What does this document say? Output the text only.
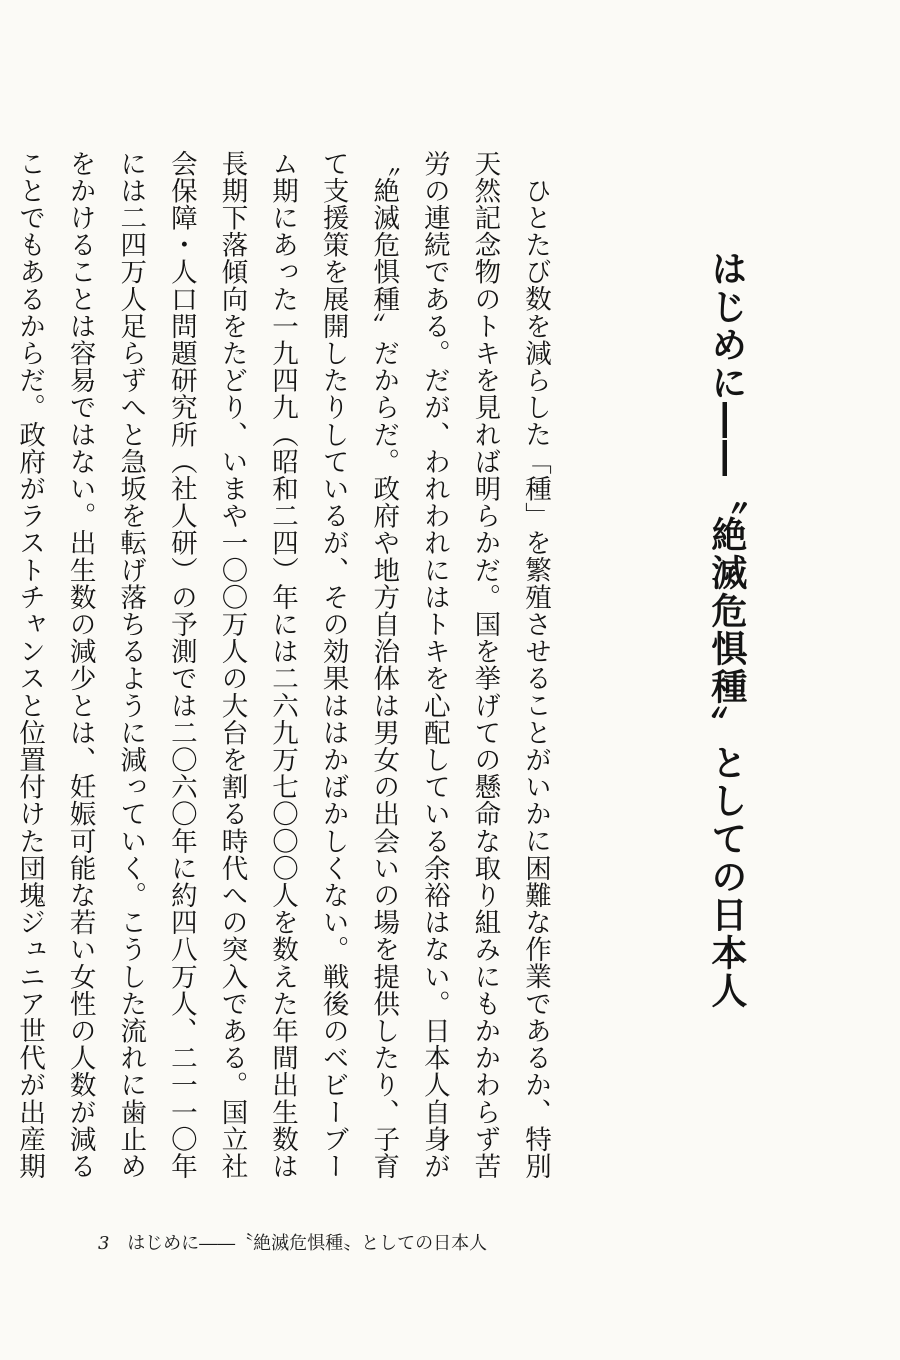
はじめに――〝絶滅危惧種〟としての日本人

ひとたび数を減らした「種」を繁殖させることがいかに困難な作業であるか、特別天然記念物のトキを見れば明らかだ。国を挙げての懸命な取り組みにもかかわらず苦労の連続である。だが、われわれにはトキを心配している余裕はない。日本人自身が〝絶滅危惧種〟だからだ。政府や地方自治体は男女の出会いの場を提供したり、子育て支援策を展開したりしているが、その効果ははかばかしくない。戦後のベビーブーム期にあった一九四九（昭和二四）年には二六九万七〇〇〇人を数えた年間出生数は長期下落傾向をたどり、いまや一〇〇万人の大台を割る時代への突入である。国立社会保障・人口問題研究所（社人研）の予測では二〇六〇年に約四八万人、二一一〇年には二四万人足らずへと急坂を転げ落ちるように減っていく。こうした流れに歯止めをかけることは容易ではない。出生数の減少とは、妊娠可能な若い女性の人数が減ることでもあるからだ。政府がラストチャンスと位置付けた団塊ジュニア世代が出産期

3 はじめに――〝絶滅危惧種〟としての日本人
